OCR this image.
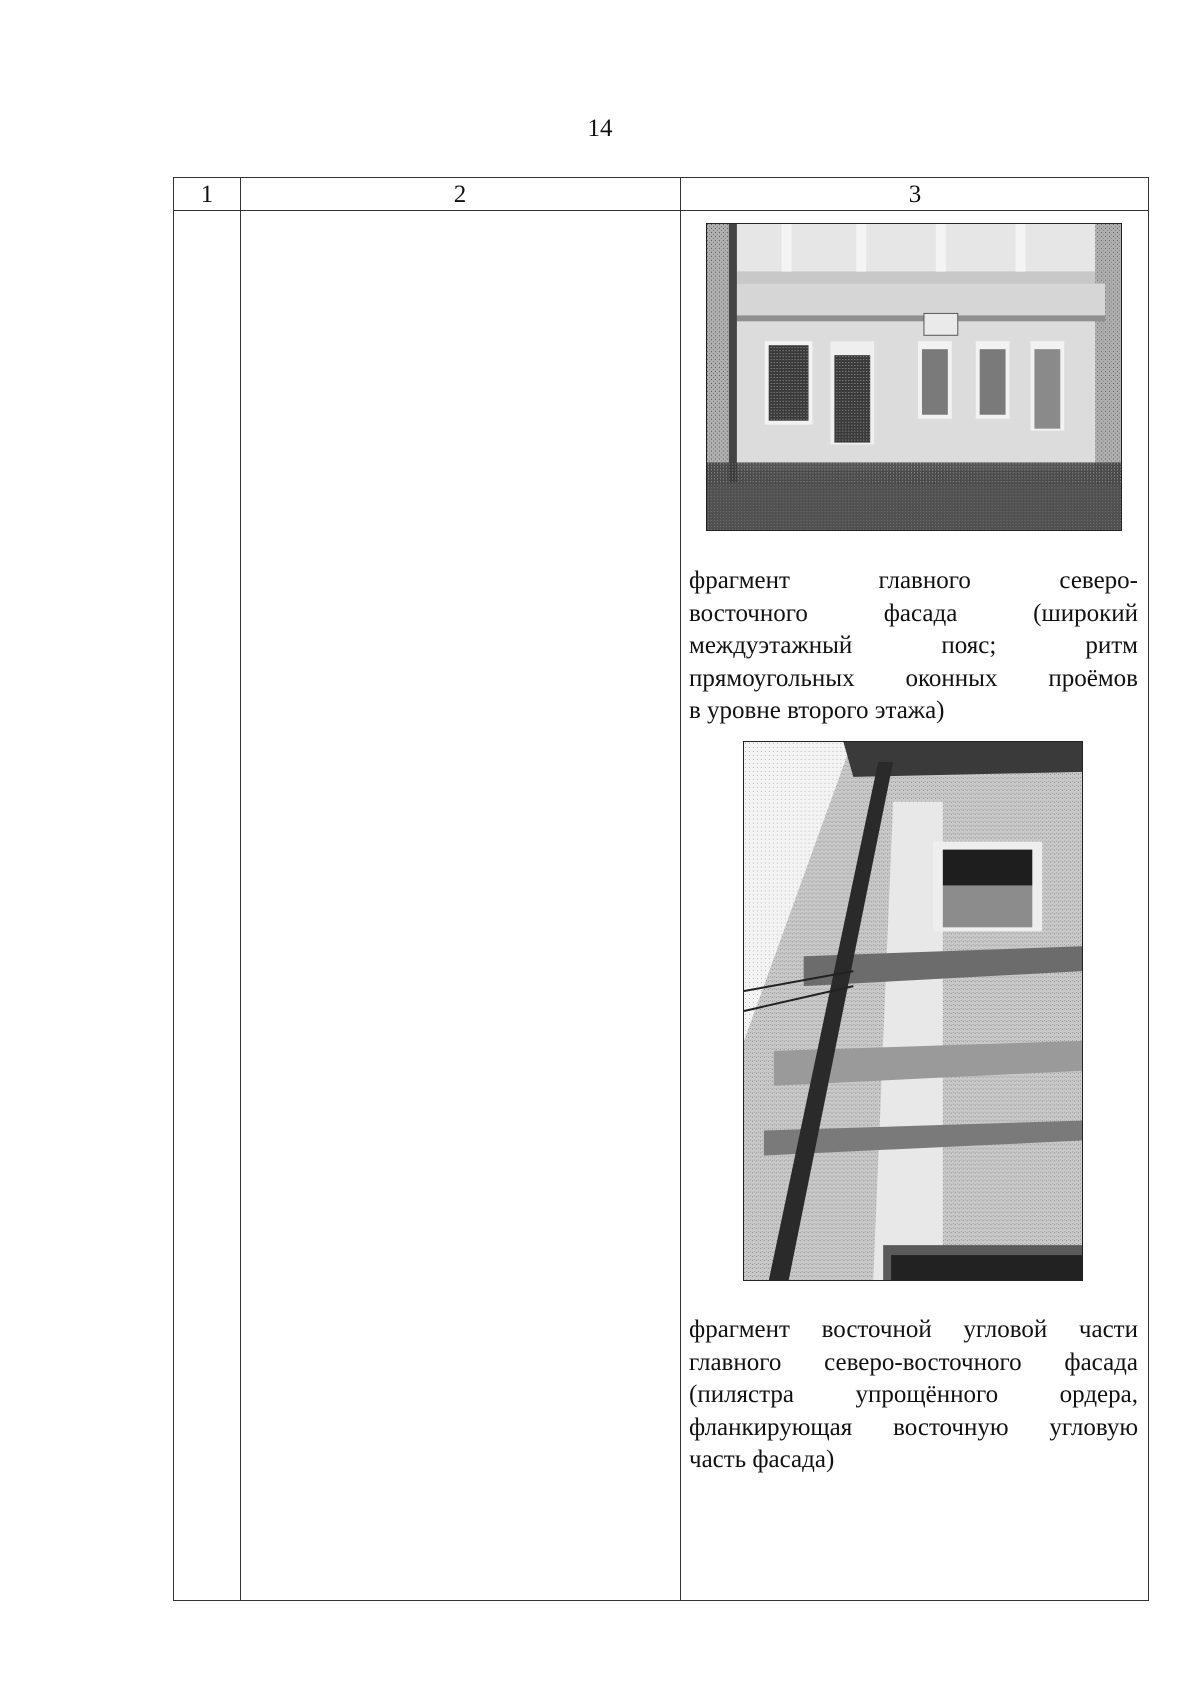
14
1	2	3
фрагмент главного северо-
восточного фасада (широкий
междуэтажный пояс; ритм
прямоугольных оконных проёмов
в уровне второго этажа)
фрагмент восточной угловой части
главного северо-восточного фасада
(пилястра упрощённого ордера,
фланкирующая восточную угловую
часть фасада)
